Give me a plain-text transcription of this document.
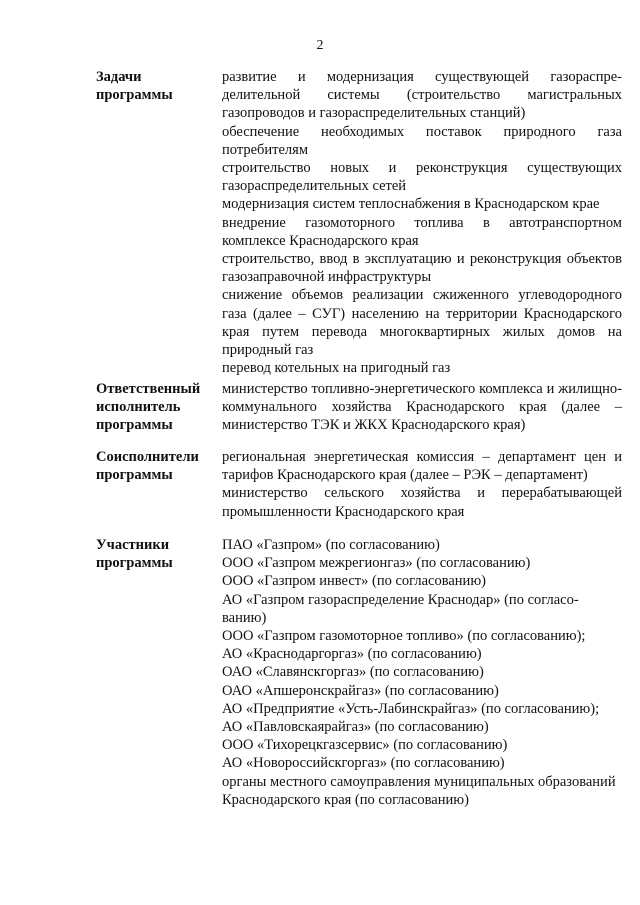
2
Задачи
программы

развитие и модернизация существующей газораспре-делительной системы (строительство магистральных газопроводов и газораспределительных станций)

обеспечение необходимых поставок природного газа потребителям

строительство новых и реконструкция существующих газораспределительных сетей

модернизация систем теплоснабжения в Краснодарском крае

внедрение газомоторного топлива в автотранспортном комплексе Краснодарского края

строительство, ввод в эксплуатацию и реконструкция объектов газозаправочной инфраструктуры

снижение объемов реализации сжиженного углеводородного газа (далее – СУГ) населению на территории Краснодарского края путем перевода многоквартирных жилых домов на природный газ

перевод котельных на пригодный газ

Ответственный
исполнитель
программы

министерство топливно-энергетического комплекса и жилищно-коммунального хозяйства Краснодарского края (далее – министерство ТЭК и ЖКХ Краснодарского края)

Соисполнители
программы

региональная энергетическая комиссия – департамент цен и тарифов Краснодарского края (далее – РЭК – департамент)

министерство сельского хозяйства и перерабатывающей промышленности Краснодарского края

Участники
программы

ПАО «Газпром» (по согласованию)

ООО «Газпром межрегионгаз» (по согласованию)

ООО «Газпром инвест» (по согласованию)

АО «Газпром газораспределение Краснодар» (по согласо-ванию)

ООО «Газпром газомоторное топливо» (по согласованию);

АО «Краснодаргоргаз» (по согласованию)

ОАО «Славянскгоргаз» (по согласованию)

ОАО «Апшеронскрайгаз» (по согласованию)

АО «Предприятие «Усть-Лабинскрайгаз» (по согласованию);

АО «Павловскаярайгаз» (по согласованию)

ООО «Тихорецкгазсервис» (по согласованию)

АО «Новороссийскгоргаз» (по согласованию)

органы местного самоуправления муниципальных образований Краснодарского края (по согласованию)
